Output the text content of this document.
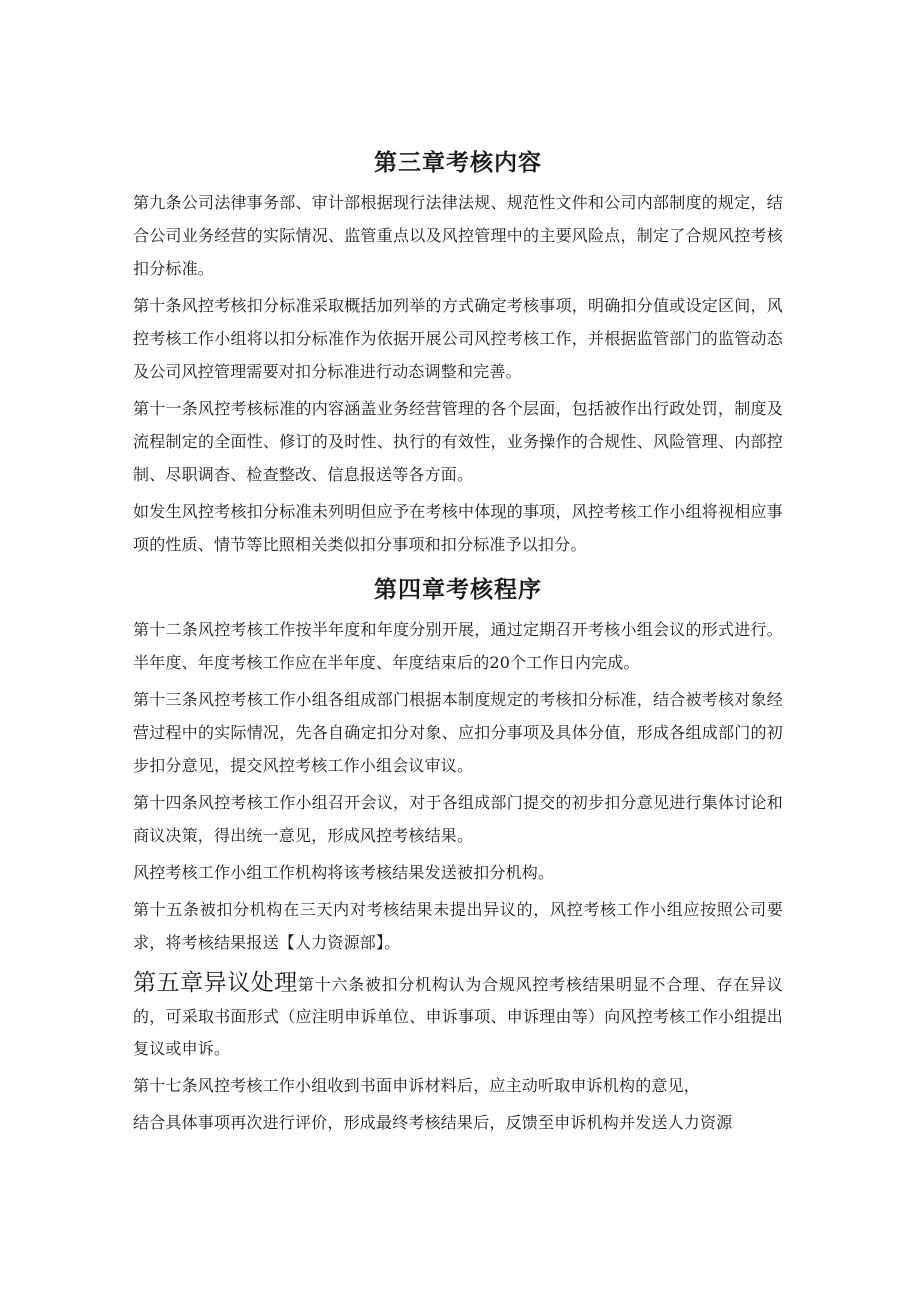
第三章考核内容

第九条公司法律事务部、审计部根据现行法律法规、规范性文件和公司内部制度的规定，结合公司业务经营的实际情况、监管重点以及风控管理中的主要风险点，制定了合规风控考核扣分标准。

第十条风控考核扣分标准采取概括加列举的方式确定考核事项，明确扣分值或设定区间，风控考核工作小组将以扣分标准作为依据开展公司风控考核工作，并根据监管部门的监管动态及公司风控管理需要对扣分标准进行动态调整和完善。

第十一条风控考核标准的内容涵盖业务经营管理的各个层面，包括被作出行政处罚，制度及流程制定的全面性、修订的及时性、执行的有效性，业务操作的合规性、风险管理、内部控制、尽职调杳、检查整改、信息报送等各方面。

如发生风控考核扣分标准未列明但应予在考核中体现的事项，风控考核工作小组将视相应事项的性质、情节等比照相关类似扣分事项和扣分标准予以扣分。

第四章考核程序

第十二条风控考核工作按半年度和年度分别开展，通过定期召开考核小组会议的形式进行。半年度、年度考核工作应在半年度、年度结束后的20个工作日内完成。

第十三条风控考核工作小组各组成部门根据本制度规定的考核扣分标准，结合被考核对象经营过程中的实际情况，先各自确定扣分对象、应扣分事项及具体分值，形成各组成部门的初步扣分意见，提交风控考核工作小组会议审议。

第十四条风控考核工作小组召开会议，对于各组成部门提交的初步扣分意见进行集体讨论和商议决策，得出统一意见，形成风控考核结果。

风控考核工作小组工作机构将该考核结果发送被扣分机构。

第十五条被扣分机构在三天内对考核结果未提出异议的，风控考核工作小组应按照公司要求，将考核结果报送【人力资源部】。

第五章异议处理第十六条被扣分机构认为合规风控考核结果明显不合理、存在异议的，可采取书面形式（应注明申诉单位、申诉事项、申诉理由等）向风控考核工作小组提出复议或申诉。

第十七条风控考核工作小组收到书面申诉材料后，应主动听取申诉机构的意见，

结合具体事项再次进行评价，形成最终考核结果后，反馈至申诉机构并发送人力资源
